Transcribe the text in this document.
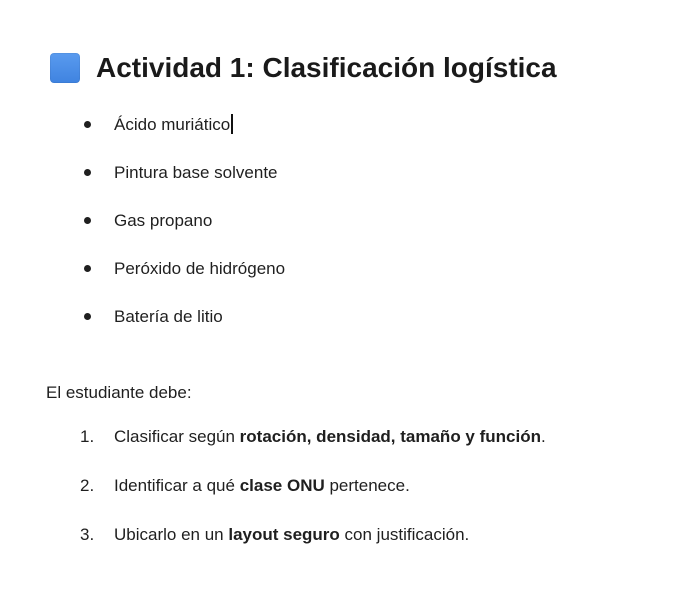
Actividad 1: Clasificación logística
Ácido muriático
Pintura base solvente
Gas propano
Peróxido de hidrógeno
Batería de litio
El estudiante debe:
1. Clasificar según rotación, densidad, tamaño y función.
2. Identificar a qué clase ONU pertenece.
3. Ubicarlo en un layout seguro con justificación.
